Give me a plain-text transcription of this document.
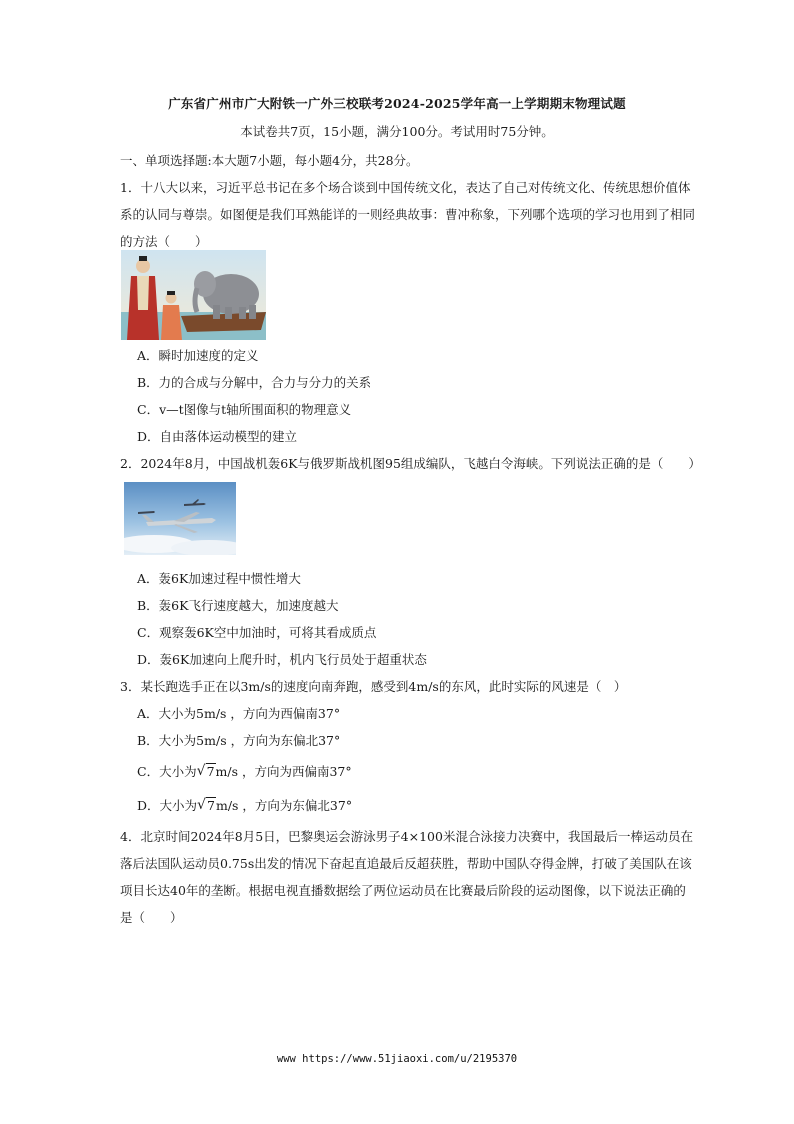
广东省广州市广大附铁一广外三校联考2024-2025学年高一上学期期末物理试题
本试卷共7页，15小题，满分100分。考试用时75分钟。
一、单项选择题:本大题7小题，每小题4分，共28分。
1．十八大以来，习近平总书记在多个场合谈到中国传统文化，表达了自己对传统文化、传统思想价值体
系的认同与尊崇。如图便是我们耳熟能详的一则经典故事：曹冲称象，下列哪个选项的学习也用到了相同
的方法（　　）
A．瞬时加速度的定义
B．力的合成与分解中，合力与分力的关系
C．v—t图像与t轴所围面积的物理意义
D．自由落体运动模型的建立
2．2024年8月，中国战机轰6K与俄罗斯战机图95组成编队，飞越白令海峡。下列说法正确的是（　　）
A．轰6K加速过程中惯性增大
B．轰6K飞行速度越大，加速度越大
C．观察轰6K空中加油时，可将其看成质点
D．轰6K加速向上爬升时，机内飞行员处于超重状态
3．某长跑选手正在以3m/s的速度向南奔跑，感受到4m/s的东风，此时实际的风速是（　）
A．大小为5m/s ，方向为西偏南37°
B．大小为5m/s ，方向为东偏北37°
C．大小为 √ 7m/s ，方向为西偏南37°
D．大小为 √ 7m/s ，方向为东偏北37°
4．北京时间2024年8月5日，巴黎奥运会游泳男子4×100米混合泳接力决赛中，我国最后一棒运动员在
落后法国队运动员0.75s出发的情况下奋起直追最后反超获胜，帮助中国队夺得金牌，打破了美国队在该
项目长达40年的垄断。根据电视直播数据绘了两位运动员在比赛最后阶段的运动图像，以下说法正确的
是（　　）
www https://www.51jiaoxi.com/u/2195370
